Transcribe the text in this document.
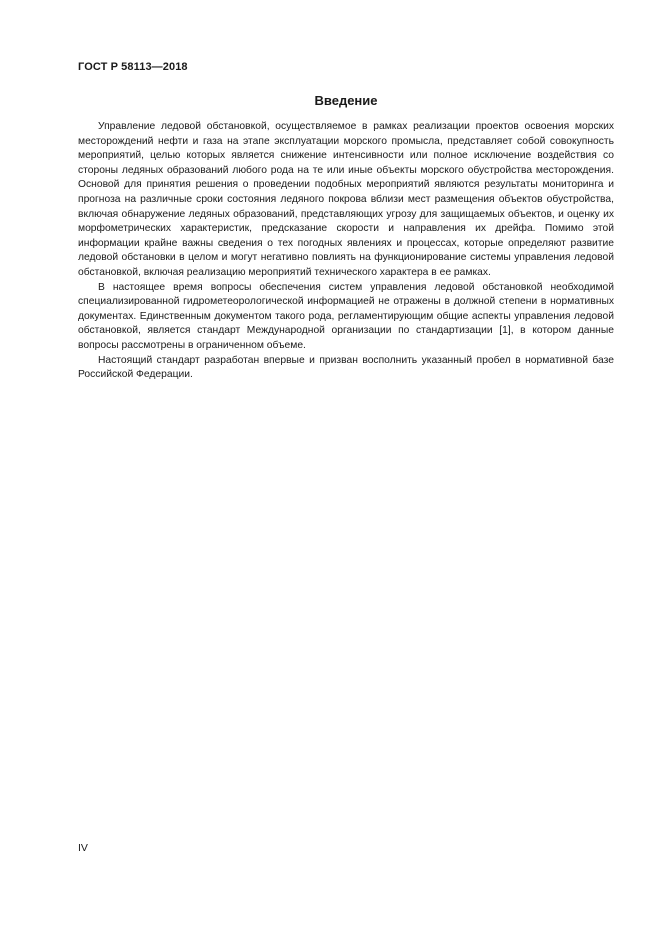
ГОСТ Р 58113—2018
Введение

Управление ледовой обстановкой, осуществляемое в рамках реализации проектов освоения морских месторождений нефти и газа на этапе эксплуатации морского промысла, представляет собой совокупность мероприятий, целью которых является снижение интенсивности или полное исключение воздействия со стороны ледяных образований любого рода на те или иные объекты морского обустройства месторождения. Основой для принятия решения о проведении подобных мероприятий являются результаты мониторинга и прогноза на различные сроки состояния ледяного покрова вблизи мест размещения объектов обустройства, включая обнаружение ледяных образований, представляющих угрозу для защищаемых объектов, и оценку их морфометрических характеристик, предсказание скорости и направления их дрейфа. Помимо этой информации крайне важны сведения о тех погодных явлениях и процессах, которые определяют развитие ледовой обстановки в целом и могут негативно повлиять на функционирование системы управления ледовой обстановкой, включая реализацию мероприятий технического характера в ее рамках.

В настоящее время вопросы обеспечения систем управления ледовой обстановкой необходимой специализированной гидрометеорологической информацией не отражены в должной степени в нормативных документах. Единственным документом такого рода, регламентирующим общие аспекты управления ледовой обстановкой, является стандарт Международной организации по стандартизации [1], в котором данные вопросы рассмотрены в ограниченном объеме.

Настоящий стандарт разработан впервые и призван восполнить указанный пробел в нормативной базе Российской Федерации.

IV
